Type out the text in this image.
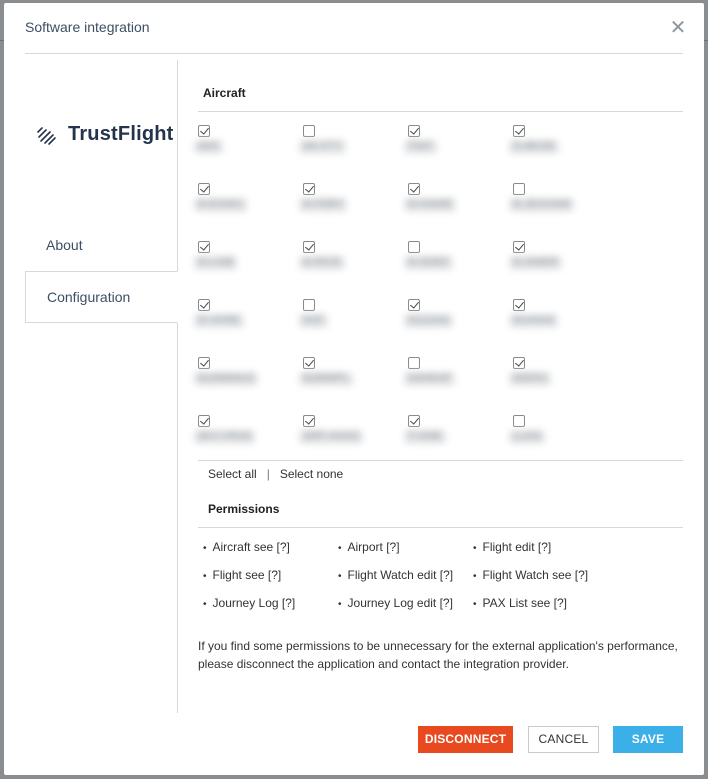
Software integration	✕
TrustFlight
About
Configuration
Aircraft
A6X	A6-XTY	T567	G-BKSE
N-EXWU	N-FEBY	N-HAWE	N-JEXHAW
N-LIAB	N-RICE	N-SDEF	N-SWER
N-VKRE	N1F	N122AA	N144AA
N1988WLE	N2MMPL	N3HEAF	N555X
SKY-VRX0	SRP-ASAS	T-ONE	LLDA
Select all | Select none
Permissions
• Aircraft see [?]	• Airport [?]	• Flight edit [?]
• Flight see [?]	• Flight Watch edit [?] • Flight Watch see [?]
• Journey Log [?]	• Journey Log edit [?] • PAX List see [?]
If you find some permissions to be unnecessary for the external application's performance, please disconnect the application and contact the integration provider.
DISCONNECT	CANCEL	SAVE
